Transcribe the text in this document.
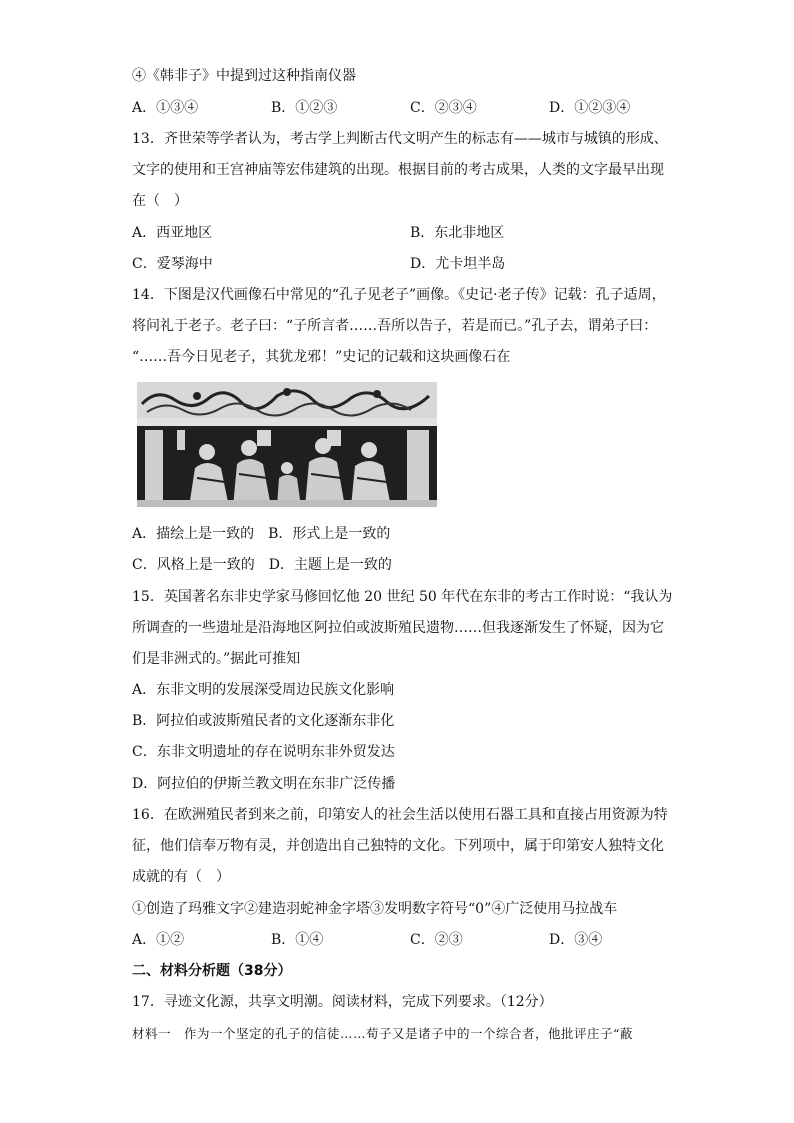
④《韩非子》中提到过这种指南仪器
A．①③④	B．①②③	C．②③④	D．①②③④
13．齐世荣等学者认为，考古学上判断古代文明产生的标志有——城市与城镇的形成、
文字的使用和王宫神庙等宏伟建筑的出现。根据目前的考古成果，人类的文字最早出现
在（　）
A．西亚地区	B．东北非地区
C．爱琴海中	D．尤卡坦半岛
14．下图是汉代画像石中常见的“孔子见老子”画像。《史记·老子传》记载：孔子适周，
将问礼于老子。老子曰：“子所言者……吾所以告子，若是而已。”孔子去，谓弟子曰：
“……吾今日见老子，其犹龙邪！”史记的记载和这块画像石在
A．描绘上是一致的　B．形式上是一致的
C．风格上是一致的　D．主题上是一致的
15．英国著名东非史学家马修回忆他 20 世纪 50 年代在东非的考古工作时说：“我认为
所调查的一些遗址是沿海地区阿拉伯或波斯殖民遗物……但我逐渐发生了怀疑，因为它
们是非洲式的。”据此可推知
A．东非文明的发展深受周边民族文化影响
B．阿拉伯或波斯殖民者的文化逐渐东非化
C．东非文明遗址的存在说明东非外贸发达
D．阿拉伯的伊斯兰教文明在东非广泛传播
16．在欧洲殖民者到来之前，印第安人的社会生活以使用石器工具和直接占用资源为特
征，他们信奉万物有灵，并创造出自己独特的文化。下列项中，属于印第安人独特文化
成就的有（　）
①创造了玛雅文字②建造羽蛇神金字塔③发明数字符号“0”④广泛使用马拉战车
A．①②	B．①④	C．②③	D．③④
二、材料分析题（38分）
17．寻迹文化源，共享文明潮。阅读材料，完成下列要求。（12分）
材料一　作为一个坚定的孔子的信徒……荀子又是诸子中的一个综合者，他批评庄子“蔽
